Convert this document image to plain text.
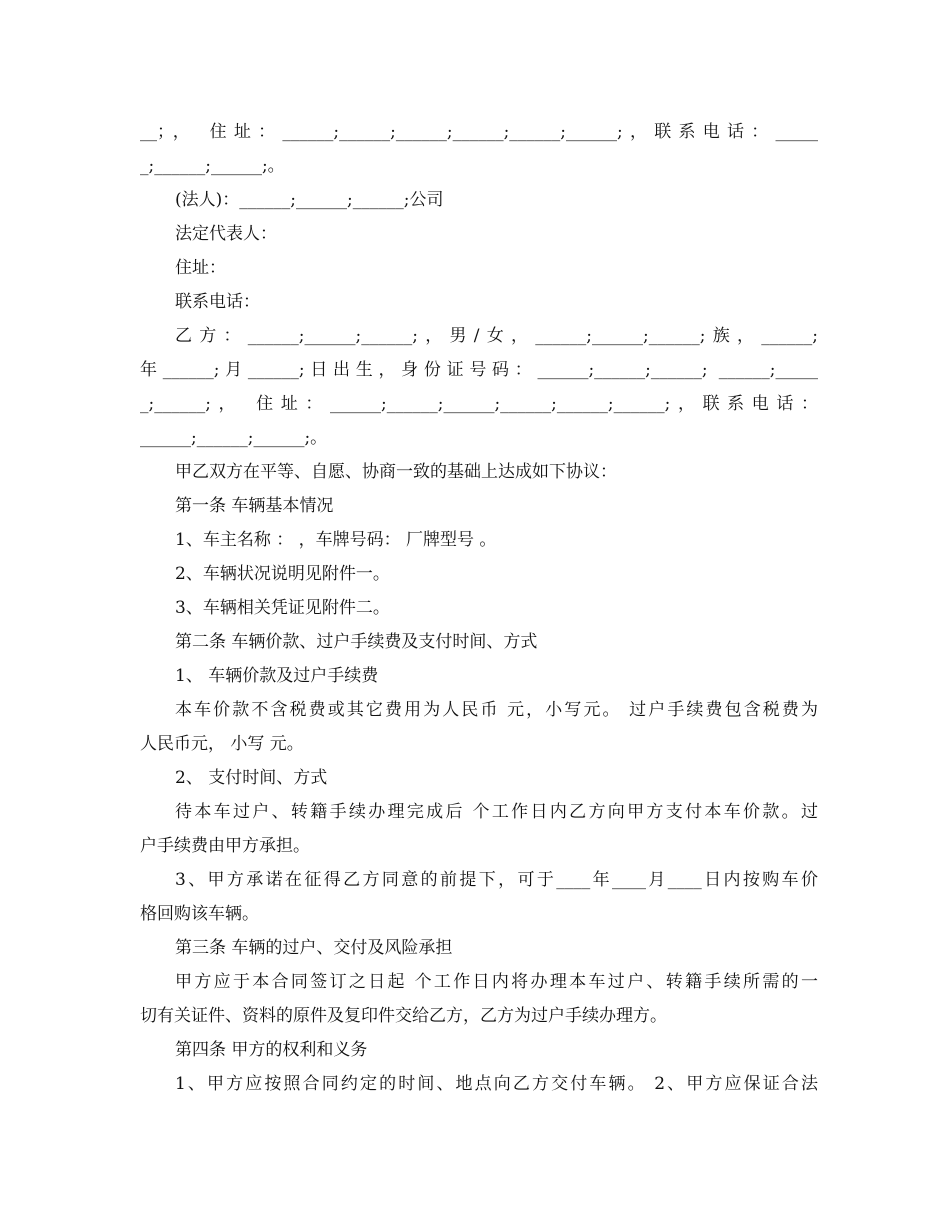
__；， 住址：______;______;______;______;______;______;，联系电话：_____
_;______;______;。
(法人)：______;______;______;公司
法定代表人：
住址：
联系电话：
乙方：______;______;______;，男/女，______;______;______;族，______;
年______;月______;日出生，身份证号码：______;______;______; ______;_____
_;______;， 住址：______;______;______;______;______;______;，联系电话：
______;______;______;。
甲乙双方在平等、自愿、协商一致的基础上达成如下协议：
第一条 车辆基本情况
1、车主名称 ： ，车牌号码： 厂牌型号 。
2、车辆状况说明见附件一。
3、车辆相关凭证见附件二。
第二条 车辆价款、过户手续费及支付时间、方式
1、 车辆价款及过户手续费
本车价款不含税费或其它费用为人民币 元，小写元。 过户手续费包含税费为
人民币元， 小写 元。
2、 支付时间、方式
待本车过户、转籍手续办理完成后 个工作日内乙方向甲方支付本车价款。过
户手续费由甲方承担。
3、甲方承诺在征得乙方同意的前提下，可于____年____月____日内按购车价
格回购该车辆。
第三条 车辆的过户、交付及风险承担
甲方应于本合同签订之日起 个工作日内将办理本车过户、转籍手续所需的一
切有关证件、资料的原件及复印件交给乙方，乙方为过户手续办理方。
第四条 甲方的权利和义务
1、甲方应按照合同约定的时间、地点向乙方交付车辆。 2、甲方应保证合法
